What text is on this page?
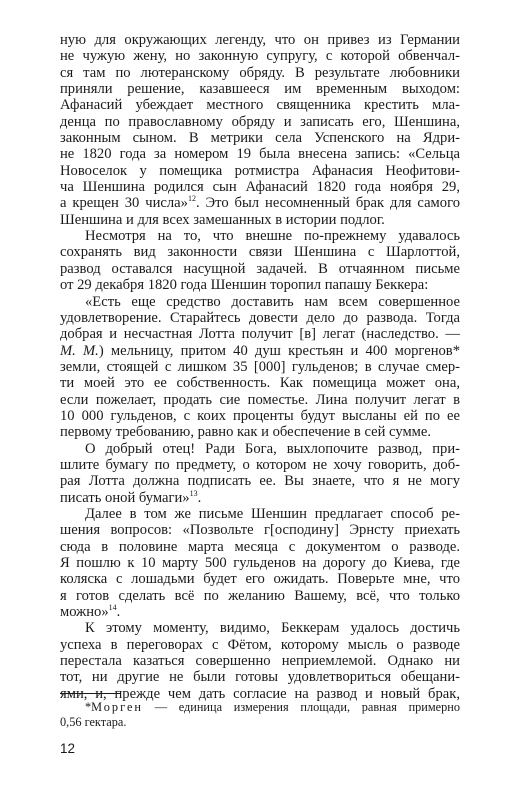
ную для окружающих легенду, что он привез из Германии
не чужую жену, но законную супругу, с которой обвенчал-
ся там по лютеранскому обряду. В результате любовники
приняли решение, казавшееся им временным выходом:
Афанасий убеждает местного священника крестить мла-
денца по православному обряду и записать его, Шеншина,
законным сыном. В метрики села Успенского на Ядри-
не 1820 года за номером 19 была внесена запись: «Сельца
Новоселок у помещика ротмистра Афанасия Неофитови-
ча Шеншина родился сын Афанасий 1820 года ноября 29,
а крещен 30 числа»$^{12}$. Это был несомненный брак для самого
Шеншина и для всех замешанных в истории подлог.

Несмотря на то, что внешне по-прежнему удавалось
сохранять вид законности связи Шеншина с Шарлоттой,
развод оставался насущной задачей. В отчаянном письме
от 29 декабря 1820 года Шеншин торопил папашу Беккера:

«Есть еще средство доставить нам всем совершенное
удовлетворение. Старайтесь довести дело до развода. Тогда
добрая и несчастная Лотта получит [в] легат (наследство. —
М. М.) мельницу, притом 40 душ крестьян и 400 моргенов*
земли, стоящей с лишком 35 [000] гульденов; в случае смер-
ти моей это ее собственность. Как помещица может она,
если пожелает, продать сие поместье. Лина получит легат в
10 000 гульденов, с коих проценты будут высланы ей по ее
первому требованию, равно как и обеспечение в сей сумме.

О добрый отец! Ради Бога, выхлопочите развод, при-
шлите бумагу по предмету, о котором не хочу говорить, доб-
рая Лотта должна подписать ее. Вы знаете, что я не могу
писать оной бумаги»$^{13}$.

Далее в том же письме Шеншин предлагает способ ре-
шения вопросов: «Позвольте г[осподину] Эрнсту приехать
сюда в половине марта месяца с документом о разводе.
Я пошлю к 10 марту 500 гульденов на дорогу до Киева, где
коляска с лошадьми будет его ожидать. Поверьте мне, что
я готов сделать всё по желанию Вашему, всё, что только
можно»$^{14}$.

К этому моменту, видимо, Беккерам удалось достичь
успеха в переговорах с Фётом, которому мысль о разводе
перестала казаться совершенно неприемлемой. Однако ни
тот, ни другие не были готовы удовлетвориться обещани-
ями, и, прежде чем дать согласие на развод и новый брак,

*Морген — единица измерения площади, равная примерно
0,56 гектара.
12
